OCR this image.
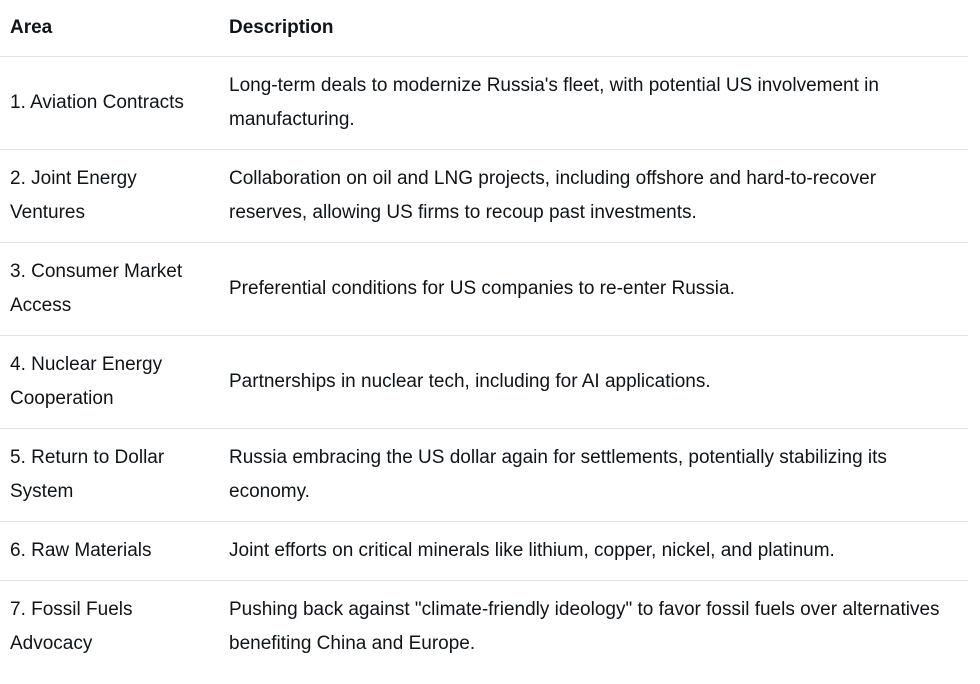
Area	Description
1. Aviation Contracts	Long-term deals to modernize Russia's fleet, with potential US involvement in manufacturing.
2. Joint Energy Ventures	Collaboration on oil and LNG projects, including offshore and hard-to-recover reserves, allowing US firms to recoup past investments.
3. Consumer Market Access	Preferential conditions for US companies to re-enter Russia.
4. Nuclear Energy Cooperation	Partnerships in nuclear tech, including for AI applications.
5. Return to Dollar System	Russia embracing the US dollar again for settlements, potentially stabilizing its economy.
6. Raw Materials	Joint efforts on critical minerals like lithium, copper, nickel, and platinum.
7. Fossil Fuels Advocacy	Pushing back against "climate-friendly ideology" to favor fossil fuels over alternatives benefiting China and Europe.
